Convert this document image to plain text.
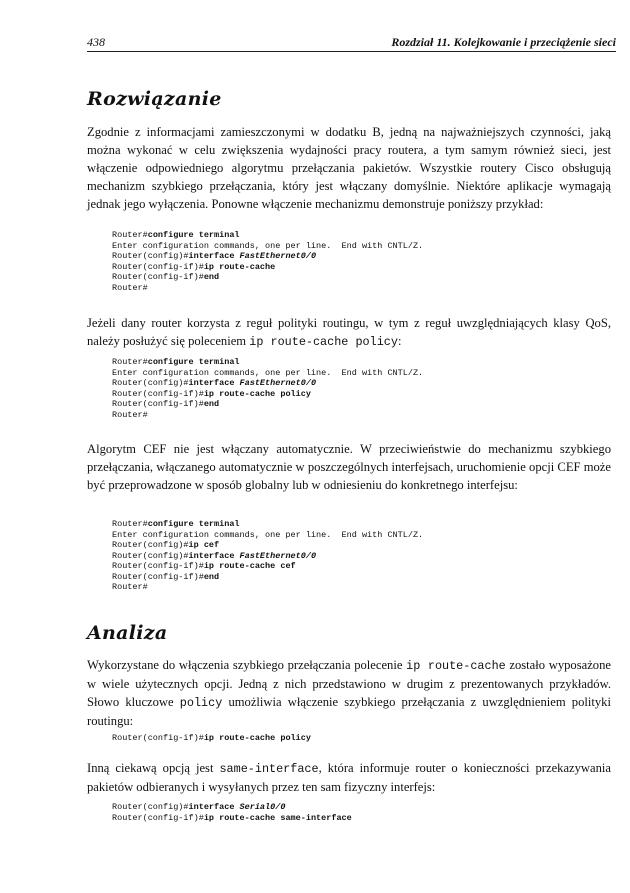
438	Rozdział 11. Kolejkowanie i przeciążenie sieci
Rozwiązanie

Zgodnie z informacjami zamieszczonymi w dodatku B, jedną na najważniejszych czynności, jaką można wykonać w celu zwiększenia wydajności pracy routera, a tym samym również sieci, jest włączenie odpowiedniego algorytmu przełączania pakietów. Wszystkie routery Cisco obsługują mechanizm szybkiego przełączania, który jest włączany domyślnie. Niektóre aplikacje wymagają jednak jego wyłączenia. Ponowne włączenie mechanizmu demonstruje poniższy przykład:

Router#configure terminal
Enter configuration commands, one per line.  End with CNTL/Z.
Router(config)#interface FastEthernet0/0
Router(config-if)#ip route-cache
Router(config-if)#end
Router#

Jeżeli dany router korzysta z reguł polityki routingu, w tym z reguł uwzględniających klasy QoS, należy posłużyć się poleceniem ip route-cache policy:

Router#configure terminal
Enter configuration commands, one per line.  End with CNTL/Z.
Router(config)#interface FastEthernet0/0
Router(config-if)#ip route-cache policy
Router(config-if)#end
Router#

Algorytm CEF nie jest włączany automatycznie. W przeciwieństwie do mechanizmu szybkiego przełączania, włączanego automatycznie w poszczególnych interfejsach, uruchomienie opcji CEF może być przeprowadzone w sposób globalny lub w odniesieniu do konkretnego interfejsu:

Router#configure terminal
Enter configuration commands, one per line.  End with CNTL/Z.
Router(config)#ip cef
Router(config)#interface FastEthernet0/0
Router(config-if)#ip route-cache cef
Router(config-if)#end
Router#
Analiza

Wykorzystane do włączenia szybkiego przełączania polecenie ip route-cache zostało wyposażone w wiele użytecznych opcji. Jedną z nich przedstawiono w drugim z prezentowanych przykładów. Słowo kluczowe policy umożliwia włączenie szybkiego przełączania z uwzględnieniem polityki routingu:

Router(config-if)#ip route-cache policy

Inną ciekawą opcją jest same-interface, która informuje router o konieczności przekazywania pakietów odbieranych i wysyłanych przez ten sam fizyczny interfejs:

Router(config)#interface Serial0/0
Router(config-if)#ip route-cache same-interface
